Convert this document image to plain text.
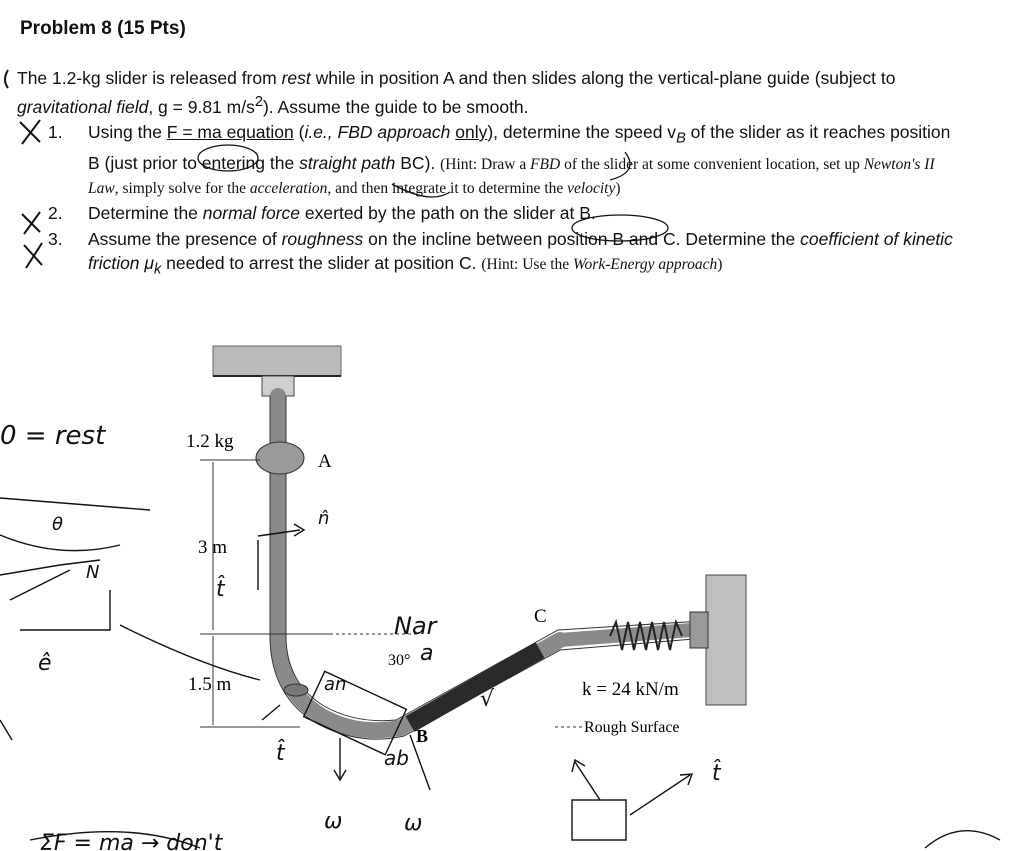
Problem 8 (15 Pts)
The 1.2-kg slider is released from rest while in position A and then slides along the vertical-plane guide (subject to gravitational field, g = 9.81 $m/s^2$). Assume the guide to be smooth.
1.	Using the F = ma equation (i.e., FBD approach only), determine the speed $v_B$ of the slider as it reaches position B (just prior to entering the straight path BC). (Hint: Draw a FBD of the slider at some convenient location, set up Newton's II Law, simply solve for the acceleration, and then integrate it to determine the velocity)
2.	Determine the normal force exerted by the path on the slider at B.
3.	Assume the presence of roughness on the incline between position B and C. Determine the coefficient of kinetic friction $\mu_k$ needed to arrest the slider at position C. (Hint: Use the Work-Energy approach)
1.2 kg
A
3 m
1.5 m
30°
B
C
k = 24 kN/m
Rough Surface
0 = rest
θ
N
Nar
a
t̂
t̂
t̂
ω	ω
√
ΣF = ma → don't
ê
n̂
ab
an
